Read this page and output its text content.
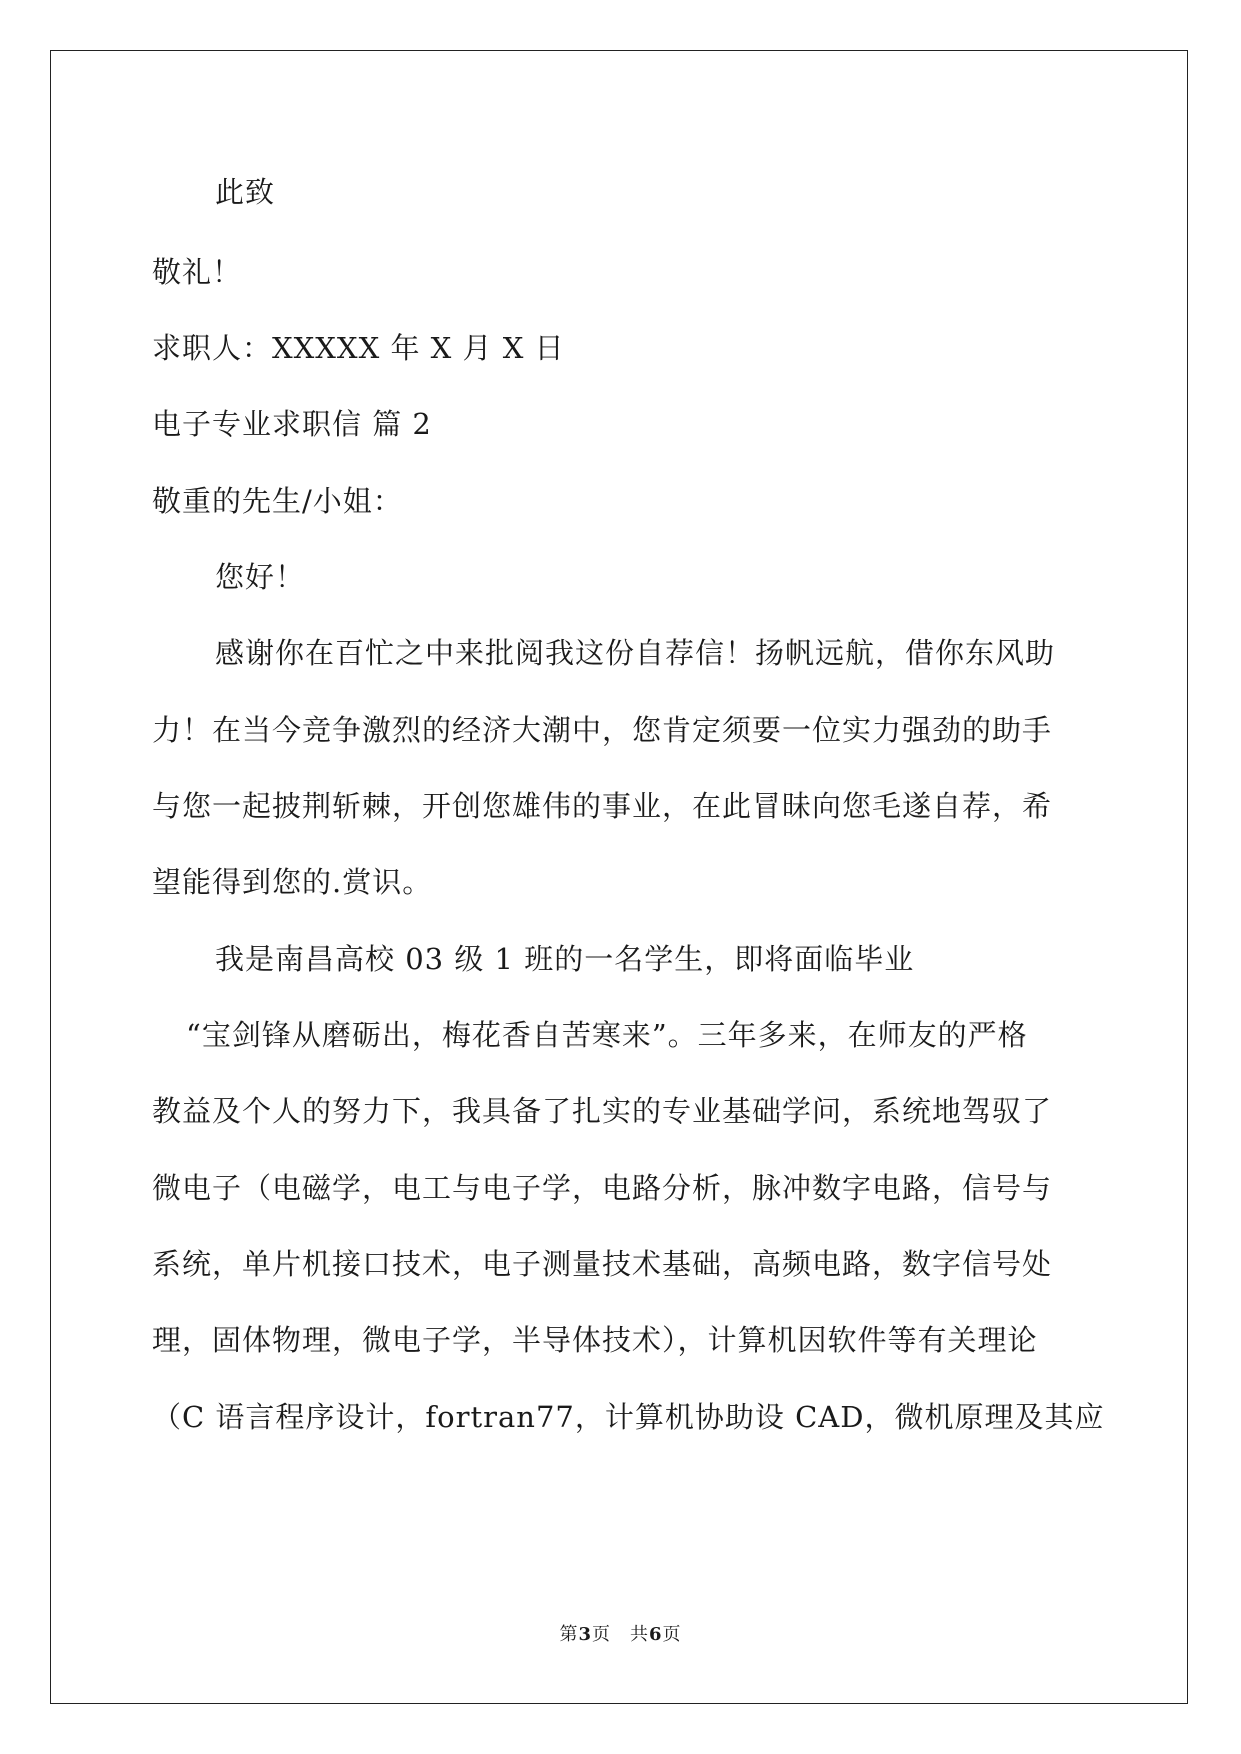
此致
敬礼！
求职人：XXXXX 年 X 月 X 日
电子专业求职信 篇 2
敬重的先生/小姐：
您好！
感谢你在百忙之中来批阅我这份自荐信！扬帆远航，借你东风助
力！在当今竞争激烈的经济大潮中，您肯定须要一位实力强劲的助手
与您一起披荆斩棘，开创您雄伟的事业，在此冒昧向您毛遂自荐，希
望能得到您的.赏识。
我是南昌高校 03 级 1 班的一名学生，即将面临毕业
“宝剑锋从磨砺出，梅花香自苦寒来”。三年多来，在师友的严格
教益及个人的努力下，我具备了扎实的专业基础学问，系统地驾驭了
微电子（电磁学，电工与电子学，电路分析，脉冲数字电路，信号与
系统，单片机接口技术，电子测量技术基础，高频电路，数字信号处
理，固体物理，微电子学，半导体技术），计算机因软件等有关理论
（C 语言程序设计，fortran77，计算机协助设 CAD，微机原理及其应
第3页　共6页
